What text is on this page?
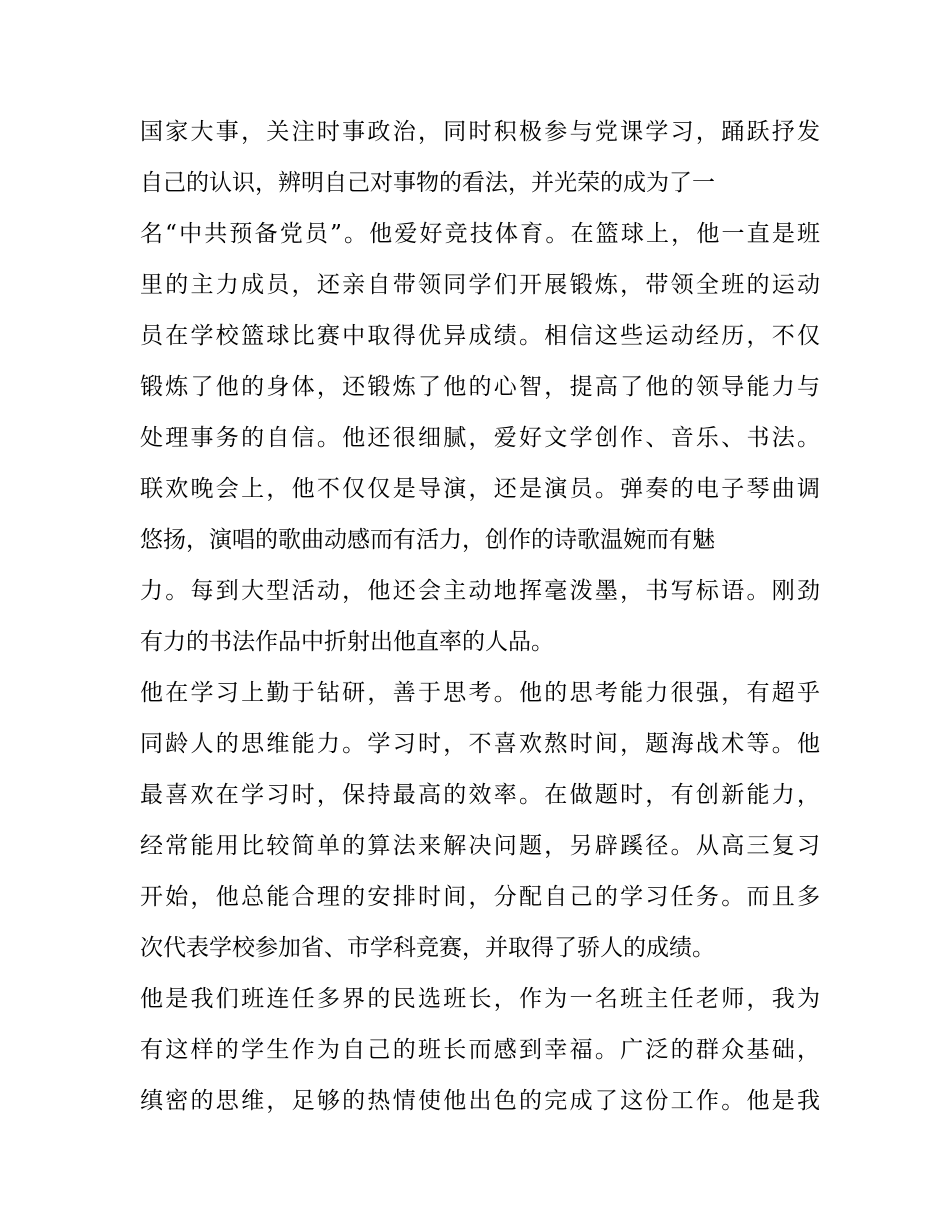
国家大事，关注时事政治，同时积极参与党课学习，踊跃抒发
自己的认识，辨明自己对事物的看法，并光荣的成为了一
名“中共预备党员”。他爱好竞技体育。在篮球上，他一直是班
里的主力成员，还亲自带领同学们开展锻炼，带领全班的运动
员在学校篮球比赛中取得优异成绩。相信这些运动经历，不仅
锻炼了他的身体，还锻炼了他的心智，提高了他的领导能力与
处理事务的自信。他还很细腻，爱好文学创作、音乐、书法。
联欢晚会上，他不仅仅是导演，还是演员。弹奏的电子琴曲调
悠扬，演唱的歌曲动感而有活力，创作的诗歌温婉而有魅
力。每到大型活动，他还会主动地挥毫泼墨，书写标语。刚劲
有力的书法作品中折射出他直率的人品。
他在学习上勤于钻研，善于思考。他的思考能力很强，有超乎
同龄人的思维能力。学习时，不喜欢熬时间，题海战术等。他
最喜欢在学习时，保持最高的效率。在做题时，有创新能力，
经常能用比较简单的算法来解决问题，另辟蹊径。从高三复习
开始，他总能合理的安排时间，分配自己的学习任务。而且多
次代表学校参加省、市学科竞赛，并取得了骄人的成绩。
他是我们班连任多界的民选班长，作为一名班主任老师，我为
有这样的学生作为自己的班长而感到幸福。广泛的群众基础，
缜密的思维，足够的热情使他出色的完成了这份工作。他是我
